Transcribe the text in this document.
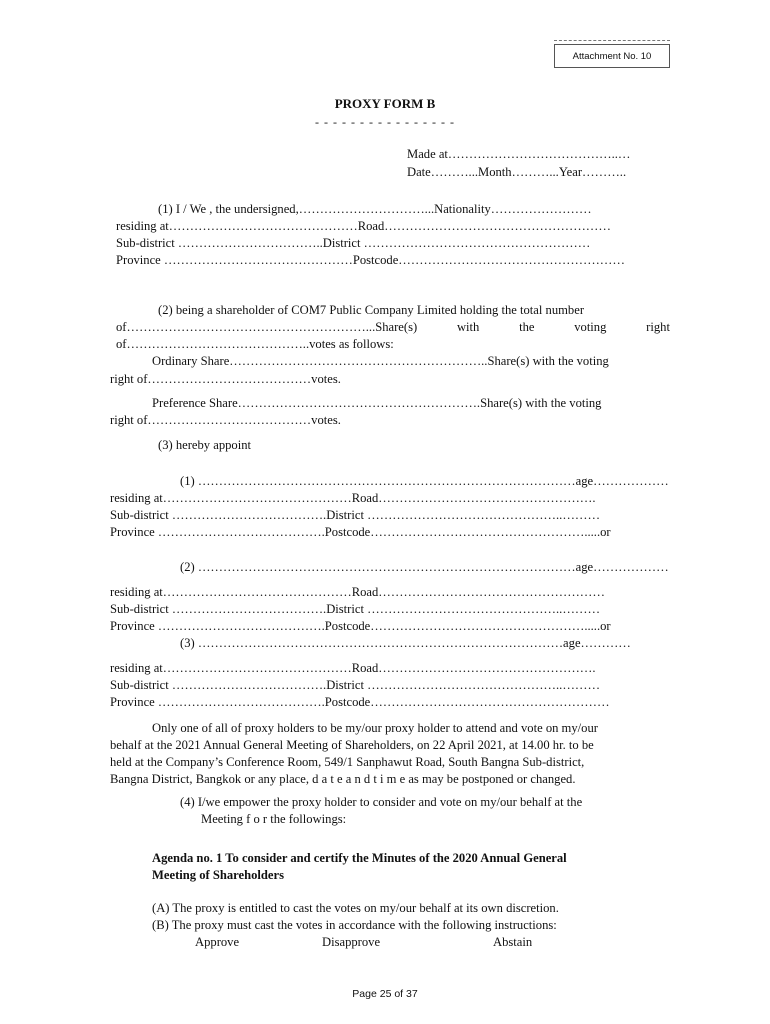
Attachment No. 10
PROXY FORM B
- - - - - - - - - - - - - - - -
Made at…………………………………..…
Date………...Month………...Year………..
(1) I / We , the undersigned,…………………………...Nationality……………………
residing at………………………………………Road………………………………………………
Sub-district ……………………………..District ………………………………………………
Province ………………………………………Postcode………………………………………………
(2) being a shareholder of COM7 Public Company Limited holding the total number
of…………………………………………………...Share(s)	with	the	voting	right
of……………………………………..votes as follows:
Ordinary Share……………………………………………………..Share(s) with the voting
right of…………………………………votes.
Preference Share………………………………………………….Share(s) with the voting
right of…………………………………votes.
(3) hereby appoint
(1) ………………………………………………………………………………age………………
residing at………………………………………Road…………………………………………….
Sub-district ……………………………….District ………………………………………..………
Province ………………………………….Postcode…………………………………………….....or
(2) ………………………………………………………………………………age………………
residing at………………………………………Road………………………………………………
Sub-district ……………………………….District ………………………………………..………
Province ………………………………….Postcode…………………………………………….....or
(3) ……………………………………………………………………………age…………
residing at………………………………………Road…………………………………………….
Sub-district ……………………………….District ………………………………………..………
Province ………………………………….Postcode…………………………………………………
Only one of all of proxy holders to be my/our proxy holder to attend and vote on my/our
behalf at the 2021 Annual General Meeting of Shareholders, on 22 April 2021, at 14.00 hr. to be
held at the Company’s Conference Room, 549/1 Sanphawut Road, South Bangna Sub-district,
Bangna District, Bangkok or any place, d a t e a n d t i m e as may be postponed or changed.
(4) I/we empower the proxy holder to consider and vote on my/our behalf at the
Meeting f o r the followings:
Agenda no. 1 To consider and certify the Minutes of the 2020 Annual General
Meeting of Shareholders
(A) The proxy is entitled to cast the votes on my/our behalf at its own discretion.
(B) The proxy must cast the votes in accordance with the following instructions:
Approve	Disapprove	Abstain
Page 25 of 37
